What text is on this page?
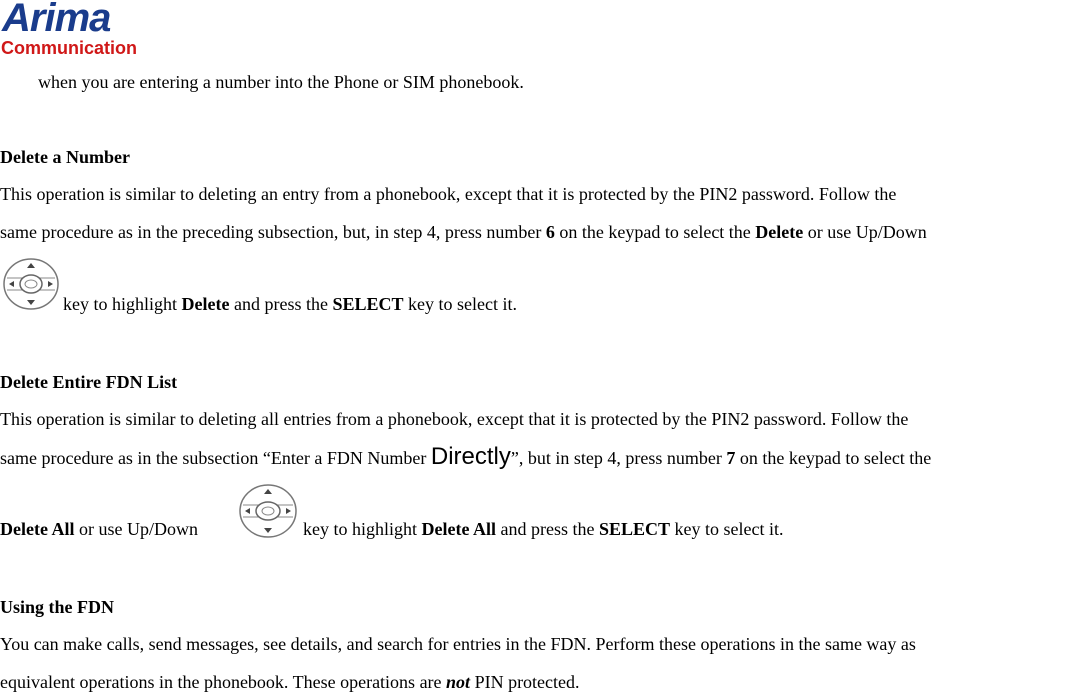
Arima
Communication
when you are entering a number into the Phone or SIM phonebook.
Delete a Number
This operation is similar to deleting an entry from a phonebook, except that it is protected by the PIN2 password. Follow the
same procedure as in the preceding subsection, but, in step 4, press number 6 on the keypad to select the Delete or use Up/Down
key to highlight Delete and press the SELECT key to select it.
Delete Entire FDN List
This operation is similar to deleting all entries from a phonebook, except that it is protected by the PIN2 password. Follow the
same procedure as in the subsection “Enter a FDN Number Directly”, but in step 4, press number 7 on the keypad to select the
Delete All or use Up/Down	key to highlight Delete All and press the SELECT key to select it.
Using the FDN
You can make calls, send messages, see details, and search for entries in the FDN. Perform these operations in the same way as
equivalent operations in the phonebook. These operations are not PIN protected.
